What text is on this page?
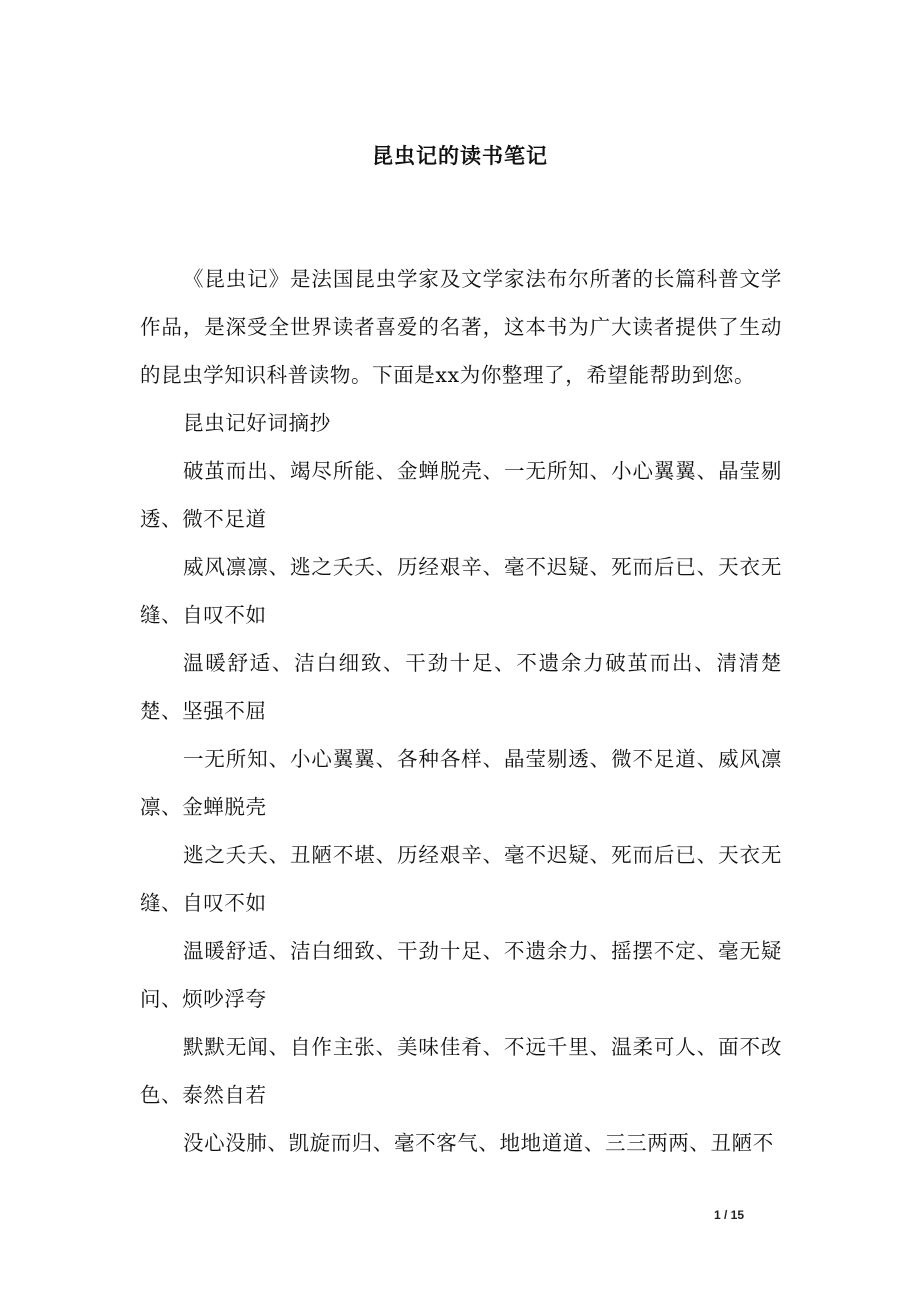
昆虫记的读书笔记

《昆虫记》是法国昆虫学家及文学家法布尔所著的长篇科普文学作品，是深受全世界读者喜爱的名著，这本书为广大读者提供了生动的昆虫学知识科普读物。下面是xx为你整理了，希望能帮助到您。

昆虫记好词摘抄

破茧而出、竭尽所能、金蝉脱壳、一无所知、小心翼翼、晶莹剔透、微不足道

威风凛凛、逃之夭夭、历经艰辛、毫不迟疑、死而后已、天衣无缝、自叹不如

温暖舒适、洁白细致、干劲十足、不遗余力破茧而出、清清楚楚、坚强不屈

一无所知、小心翼翼、各种各样、晶莹剔透、微不足道、威风凛凛、金蝉脱壳

逃之夭夭、丑陋不堪、历经艰辛、毫不迟疑、死而后已、天衣无缝、自叹不如

温暖舒适、洁白细致、干劲十足、不遗余力、摇摆不定、毫无疑问、烦吵浮夸

默默无闻、自作主张、美味佳肴、不远千里、温柔可人、面不改色、泰然自若

没心没肺、凯旋而归、毫不客气、地地道道、三三两两、丑陋不

1 / 15
